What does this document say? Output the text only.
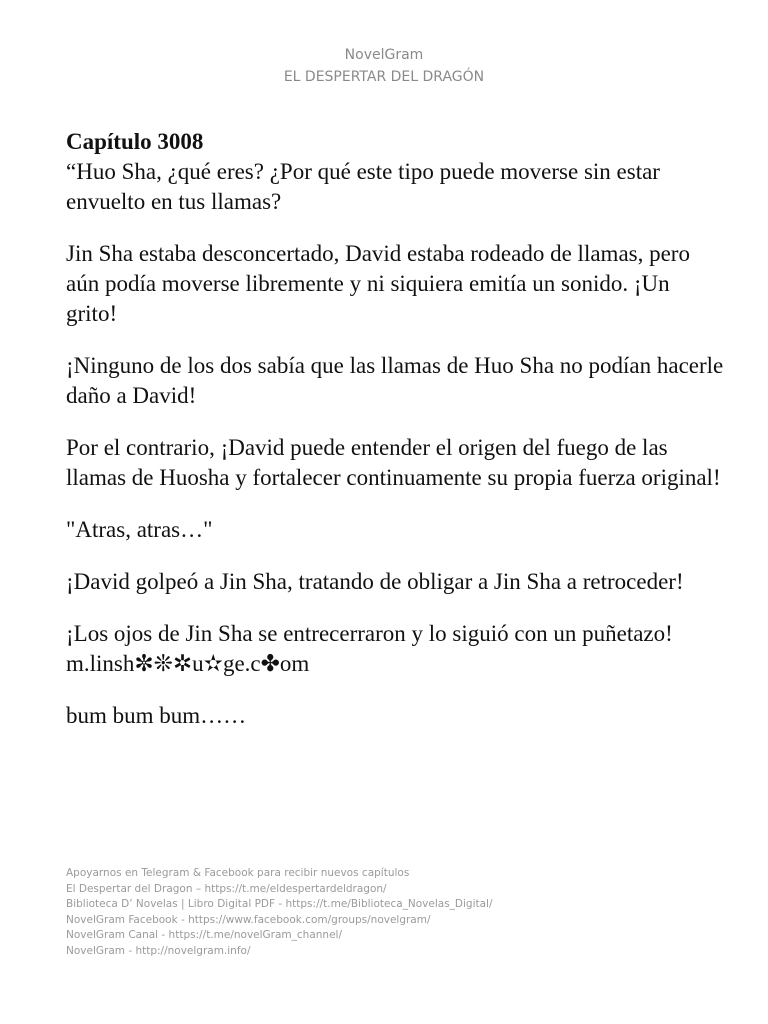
NovelGram
EL DESPERTAR DEL DRAGÓN
Capítulo 3008

“Huo Sha, ¿qué eres? ¿Por qué este tipo puede moverse sin estar envuelto en tus llamas?

Jin Sha estaba desconcertado, David estaba rodeado de llamas, pero aún podía moverse libremente y ni siquiera emitía un sonido. ¡Un grito!

¡Ninguno de los dos sabía que las llamas de Huo Sha no podían hacerle daño a David!

Por el contrario, ¡David puede entender el origen del fuego de las llamas de Huosha y fortalecer continuamente su propia fuerza original!

"Atras, atras…"

¡David golpeó a Jin Sha, tratando de obligar a Jin Sha a retroceder!

¡Los ojos de Jin Sha se entrecerraron y lo siguió con un puñetazo! m.linsh✼❊✲u✫ge.c✤om

bum bum bum……

Apoyarnos en Telegram & Facebook para recibir nuevos capítulos
El Despertar del Dragon – https://t.me/eldespertardeldragon/
Biblioteca D’ Novelas | Libro Digital PDF - https://t.me/Biblioteca_Novelas_Digital/
NovelGram Facebook - https://www.facebook.com/groups/novelgram/
NovelGram Canal - https://t.me/novelGram_channel/
NovelGram - http://novelgram.info/
